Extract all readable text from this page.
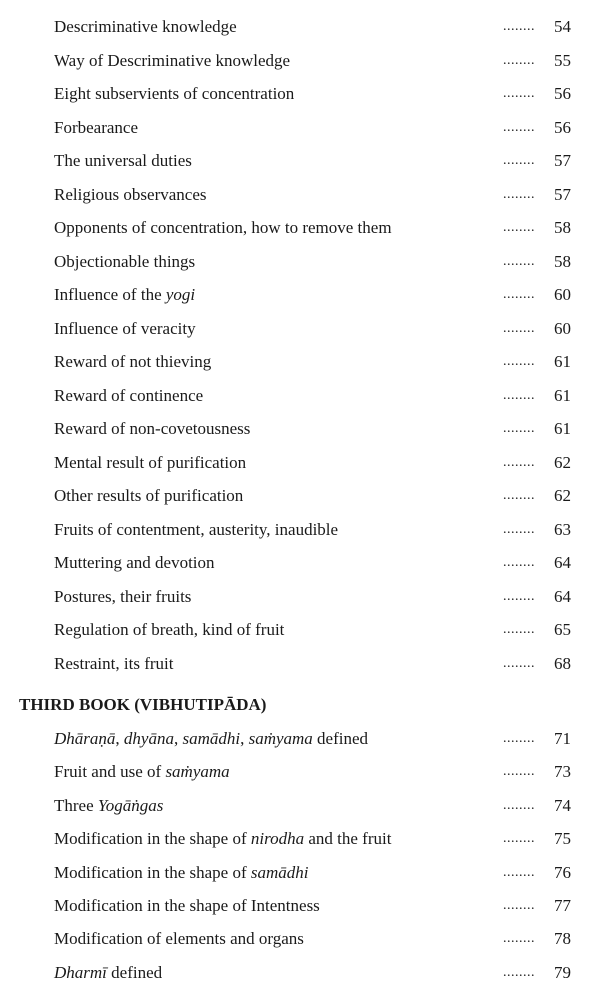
THIRD BOOK (VIBHUTIPĀDA)
Descriminative knowledge	........ 54
Way of Descriminative knowledge	........ 55
Eight subservients of concentration	........ 56
Forbearance	........ 56
The universal duties	........ 57
Religious observances	........ 57
Opponents of concentration, how to remove them	........ 58
Objectionable things	........ 58
Influence of the yogi	........ 60
Influence of veracity	........ 60
Reward of not thieving	........ 61
Reward of continence	........ 61
Reward of non-covetousness	........ 61
Mental result of purification	........ 62
Other results of purification	........ 62
Fruits of contentment, austerity, inaudible	........ 63
Muttering and devotion	........ 64
Postures, their fruits	........ 64
Regulation of breath, kind of fruit	........ 65
Restraint, its fruit	........ 68
Dhāraṇā, dhyāna, samādhi, saṁyama defined	........ 71
Fruit and use of saṁyama	........ 73
Three Yogāṅgas	........ 74
Modification in the shape of nirodha and the fruit	........ 75
Modification in the shape of samādhi	........ 76
Modification in the shape of Intentness	........ 77
Modification of elements and organs	........ 78
Dharmī defined	........ 79
